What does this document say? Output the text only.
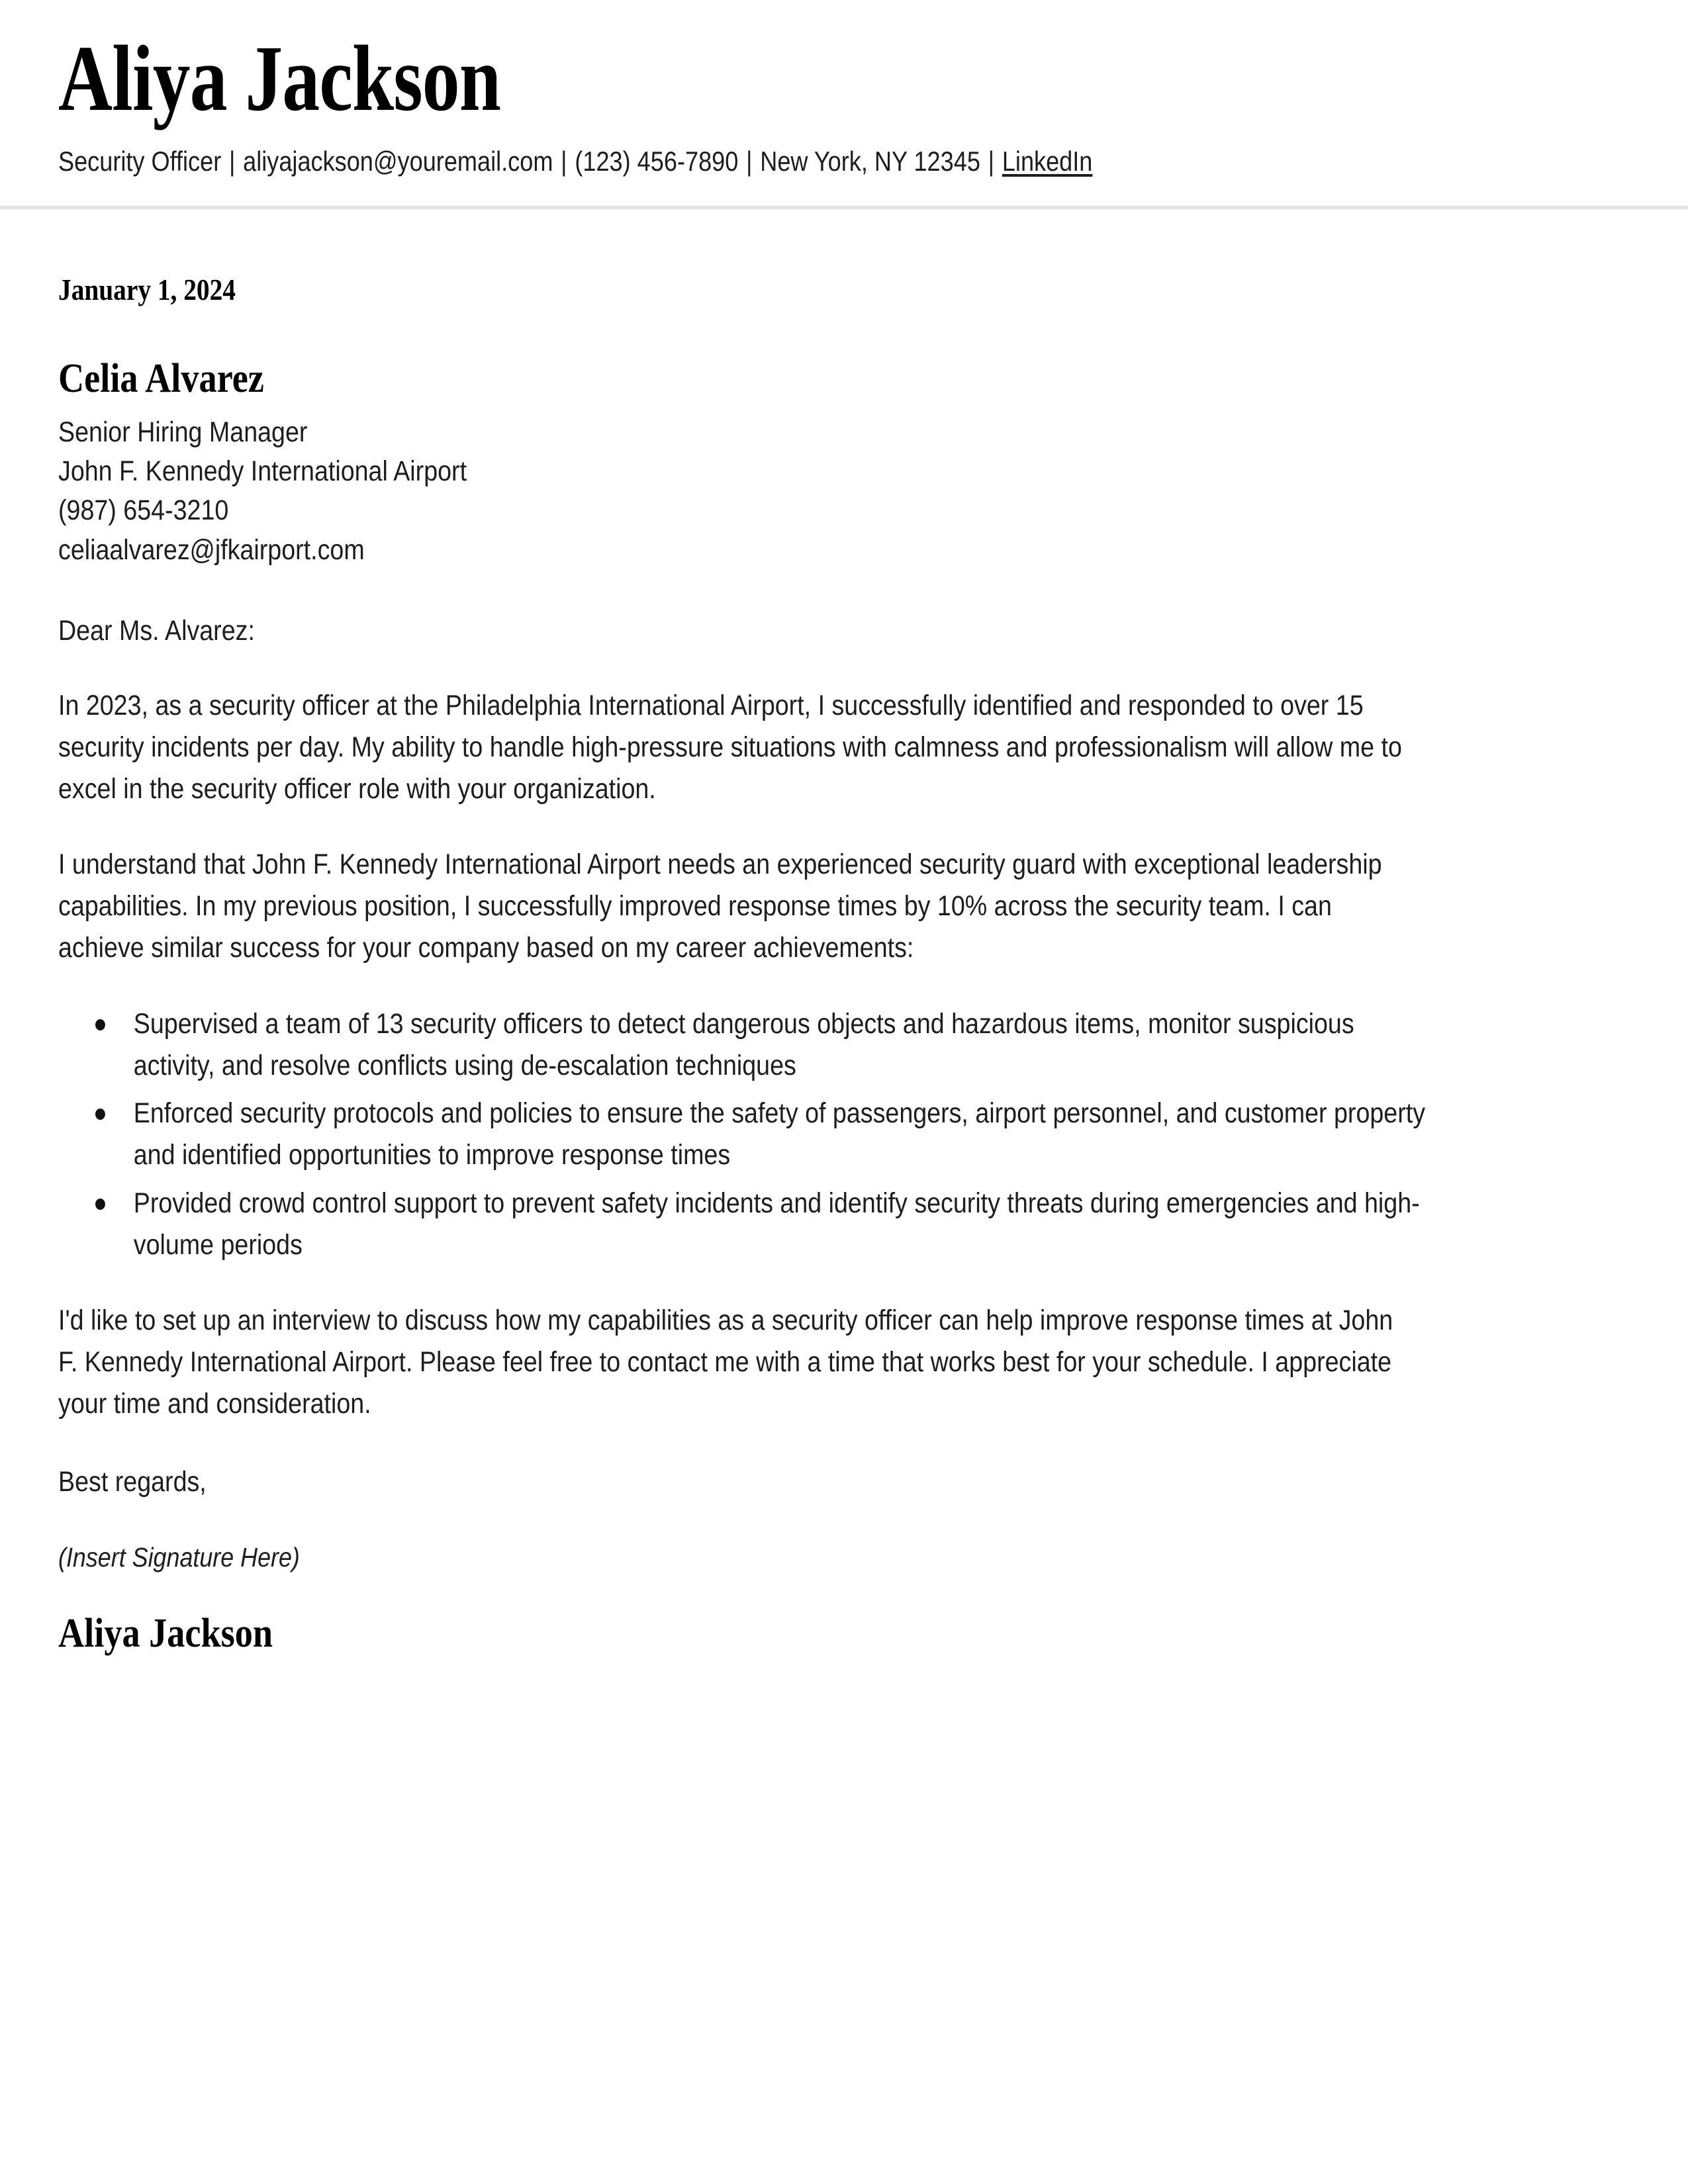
Aliya Jackson
Security Officer | aliyajackson@youremail.com | (123) 456-7890 | New York, NY 12345 | LinkedIn

January 1, 2024

Celia Alvarez

Senior Hiring Manager

John F. Kennedy International Airport

(987) 654-3210

celiaalvarez@jfkairport.com

Dear Ms. Alvarez:

In 2023, as a security officer at the Philadelphia International Airport, I successfully identified and responded to over 15 security incidents per day. My ability to handle high-pressure situations with calmness and professionalism will allow me to excel in the security officer role with your organization.

I understand that John F. Kennedy International Airport needs an experienced security guard with exceptional leadership capabilities. In my previous position, I successfully improved response times by 10% across the security team. I can achieve similar success for your company based on my career achievements:

Supervised a team of 13 security officers to detect dangerous objects and hazardous items, monitor suspicious activity, and resolve conflicts using de-escalation techniques
Enforced security protocols and policies to ensure the safety of passengers, airport personnel, and customer property and identified opportunities to improve response times
Provided crowd control support to prevent safety incidents and identify security threats during emergencies and high-volume periods

I'd like to set up an interview to discuss how my capabilities as a security officer can help improve response times at John F. Kennedy International Airport. Please feel free to contact me with a time that works best for your schedule. I appreciate your time and consideration.

Best regards,

(Insert Signature Here)

Aliya Jackson
